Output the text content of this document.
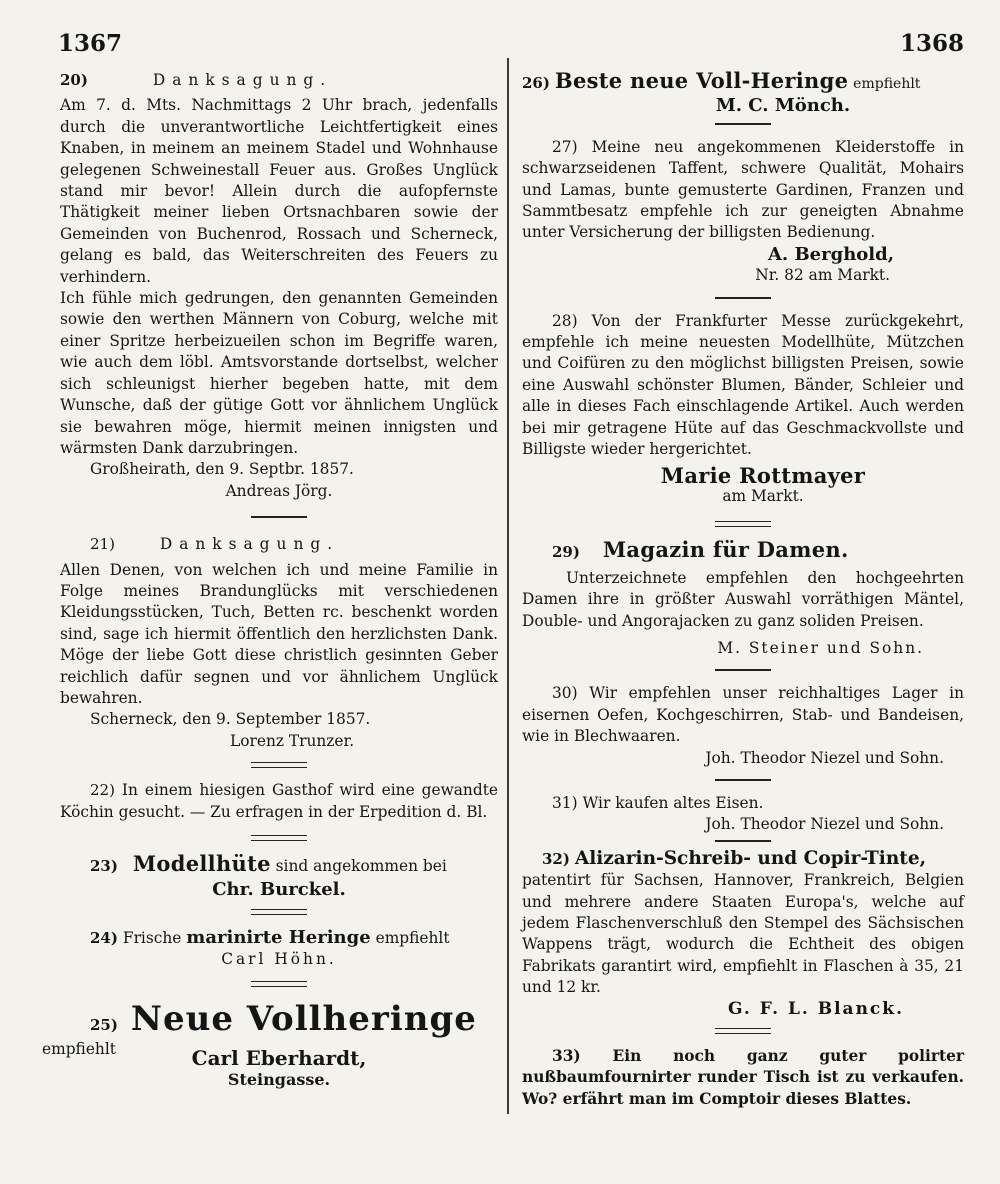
1367	1368

20)	Danksagung.

Am 7. d. Mts. Nachmittags 2 Uhr brach, jedenfalls durch die unverantwortliche Leichtfertigkeit eines Knaben, in meinem an meinem Stadel und Wohnhause gelegenen Schweinestall Feuer aus. Großes Unglück stand mir bevor! Allein durch die aufopfernste Thätigkeit meiner lieben Ortsnachbaren sowie der Gemeinden von Buchenrod, Rossach und Scherneck, gelang es bald, das Weiterschreiten des Feuers zu verhindern.

Ich fühle mich gedrungen, den genannten Gemeinden sowie den werthen Männern von Coburg, welche mit einer Spritze herbeizueilen schon im Begriffe waren, wie auch dem löbl. Amtsvorstande dortselbst, welcher sich schleunigst hierher begeben hatte, mit dem Wunsche, daß der gütige Gott vor ähnlichem Unglück sie bewahren möge, hiermit meinen innigsten und wärmsten Dank darzubringen.

Großheirath, den 9. Septbr. 1857.

Andreas Jörg.

21)	Danksagung.

Allen Denen, von welchen ich und meine Familie in Folge meines Brandunglücks mit verschiedenen Kleidungsstücken, Tuch, Betten rc. beschenkt worden sind, sage ich hiermit öffentlich den herzlichsten Dank. Möge der liebe Gott diese christlich gesinnten Geber reichlich dafür segnen und vor ähnlichem Unglück bewahren.

Scherneck, den 9. September 1857.

Lorenz Trunzer.

22) In einem hiesigen Gasthof wird eine gewandte Köchin gesucht. — Zu erfragen in der Erpedition d. Bl.

23) Modellhüte sind angekommen bei

Chr. Burckel.

24) Frische marinirte Heringe empfiehlt

Carl Höhn.

25) Neue Vollheringe

empfiehlt	Carl Eberhardt,

Steingasse.

26) Beste neue Voll-Heringe empfiehlt

M. C. Mönch.

27) Meine neu angekommenen Kleiderstoffe in schwarzseidenen Taffent, schwere Qualität, Mohairs und Lamas, bunte gemusterte Gardinen, Franzen und Sammtbesatz empfehle ich zur geneigten Abnahme unter Versicherung der billigsten Bedienung.

A. Berghold,

Nr. 82 am Markt.

28) Von der Frankfurter Messe zurückgekehrt, empfehle ich meine neuesten Modellhüte, Mützchen und Coifüren zu den möglichst billigsten Preisen, sowie eine Auswahl schönster Blumen, Bänder, Schleier und alle in dieses Fach einschlagende Artikel. Auch werden bei mir getragene Hüte auf das Geschmackvollste und Billigste wieder hergerichtet.

Marie Rottmayer

am Markt.

29) Magazin für Damen.

Unterzeichnete empfehlen den hochgeehrten Damen ihre in größter Auswahl vorräthigen Mäntel, Double- und Angorajacken zu ganz soliden Preisen.

M. Steiner und Sohn.

30) Wir empfehlen unser reichhaltiges Lager in eisernen Oefen, Kochgeschirren, Stab- und Bandeisen, wie in Blechwaaren.

Joh. Theodor Niezel und Sohn.

31) Wir kaufen altes Eisen.

Joh. Theodor Niezel und Sohn.

32) Alizarin-Schreib- und Copir-Tinte,

patentirt für Sachsen, Hannover, Frankreich, Belgien und mehrere andere Staaten Europa's, welche auf jedem Flaschenverschluß den Stempel des Sächsischen Wappens trägt, wodurch die Echtheit des obigen Fabrikats garantirt wird, empfiehlt in Flaschen à 35, 21 und 12 kr.

G. F. L. Blanck.

33) Ein noch ganz guter polirter nußbaumfournirter runder Tisch ist zu verkaufen. Wo? erfährt man im Comptoir dieses Blattes.
